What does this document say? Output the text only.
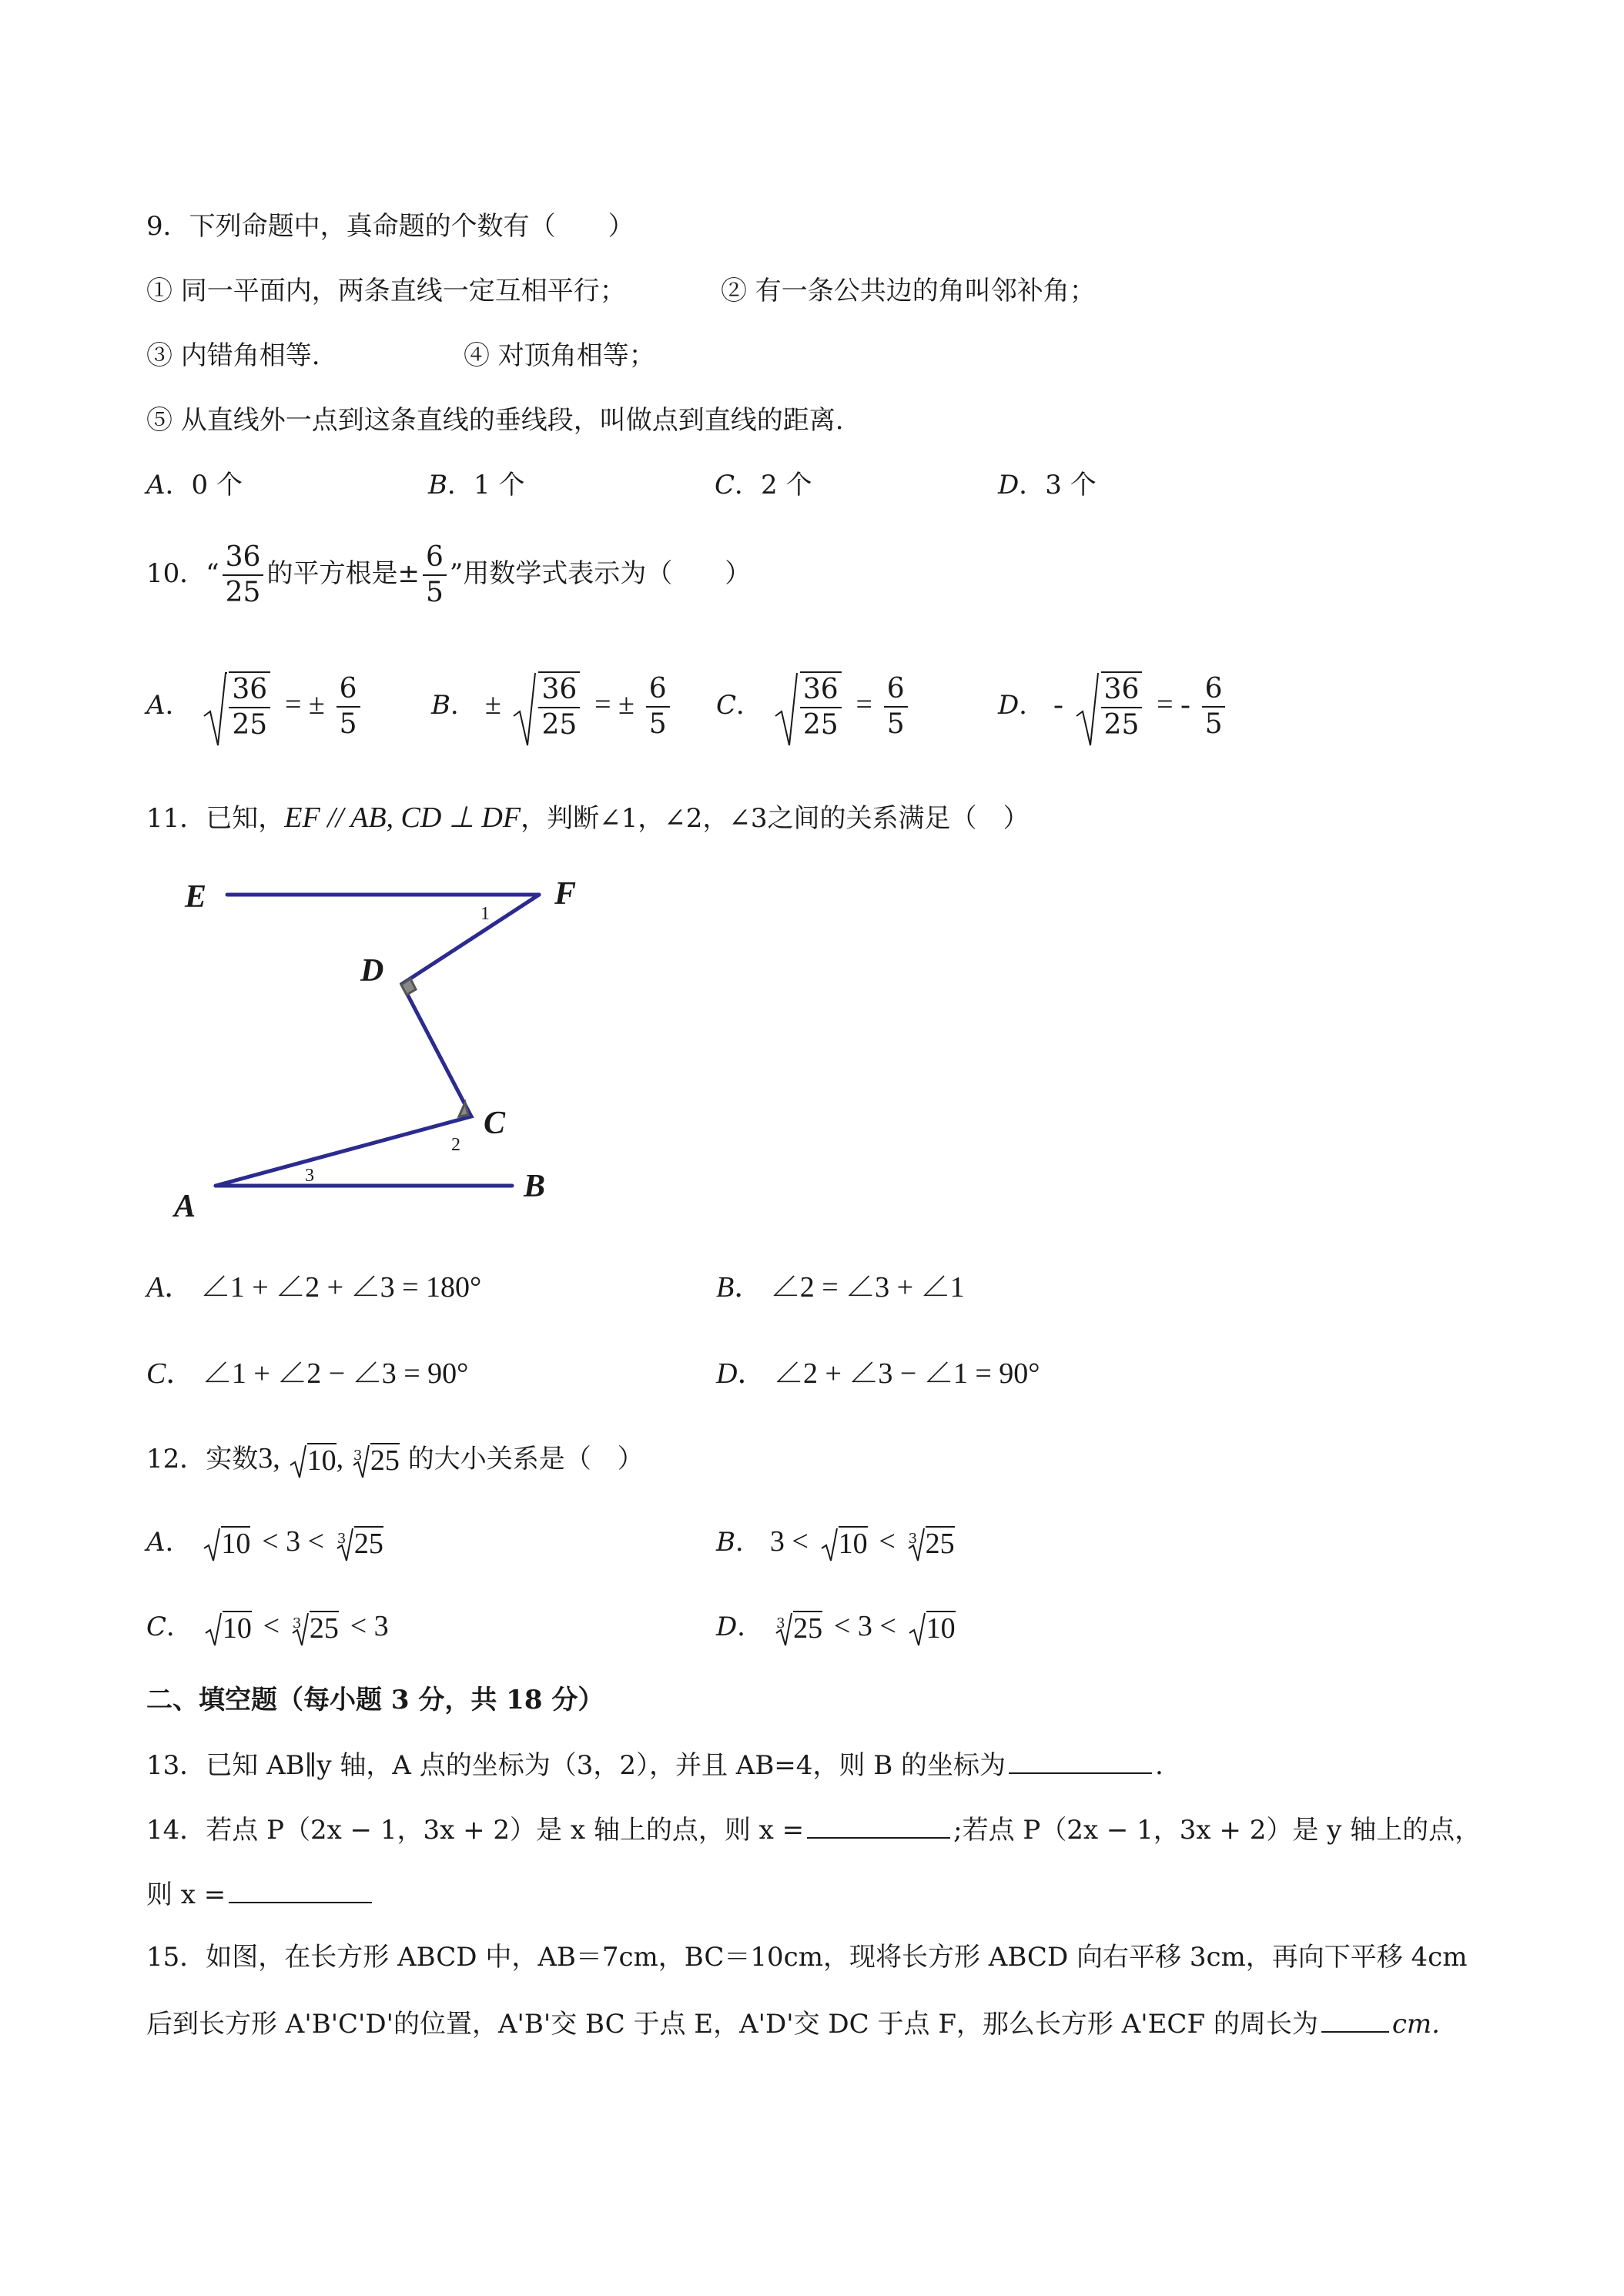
9．下列命题中，真命题的个数有（　　）
① 同一平面内，两条直线一定互相平行；	② 有一条公共边的角叫邻补角；
③ 内错角相等.	④ 对顶角相等；
⑤ 从直线外一点到这条直线的垂线段，叫做点到直线的距离.
A．0 个	B．1 个	C．2 个	D．3 个
10．“ $\frac{36}{25}$ 的平方根是± $\frac{6}{5}$ ”用数学式表示为（　　）
A． $\frac{36}{25}$ = ± $\frac{6}{5}$	B． ± $\frac{36}{25}$ = ± $\frac{6}{5}$ C． $\frac{36}{25} = \frac{6}{5}$	D． - $\frac{36}{25}$ = - $\frac{6}{5}$
11．已知，EF // AB, CD ⊥ DF，判断∠1，∠2，∠3之间的关系满足（　）
E	F
D
C
A
B
1
2
3
A． ∠1 + ∠2 + ∠3 = 180°	B． ∠2 = ∠3 + ∠1
C． ∠1 + ∠2 − ∠3 = 90°	D． ∠2 + ∠3 − ∠1 = 90°
12．实数3, 10, 3 25 的大小关系是（　）
A．
10 < 3 < 3 25	B． 3 < 10 < 3 25
C．
10 < 3 25 < 3	D． 3 25 < 3 < 10
二、填空题（每小题 3 分，共 18 分）
13．已知 AB∥y 轴，A 点的坐标为（3，2），并且 AB=4，则 B 的坐标为	.
14．若点 P（2x − 1，3x + 2）是 x 轴上的点，则 x =	;若点 P（2x − 1，3x + 2）是 y 轴上的点，
则 x =
15．如图，在长方形 ABCD 中，AB＝7cm，BC＝10cm，现将长方形 ABCD 向右平移 3cm，再向下平移 4cm
后到长方形 A'B'C'D'的位置，A'B'交 BC 于点 E，A'D'交 DC 于点 F，那么长方形 A'ECF 的周长为	cm.
